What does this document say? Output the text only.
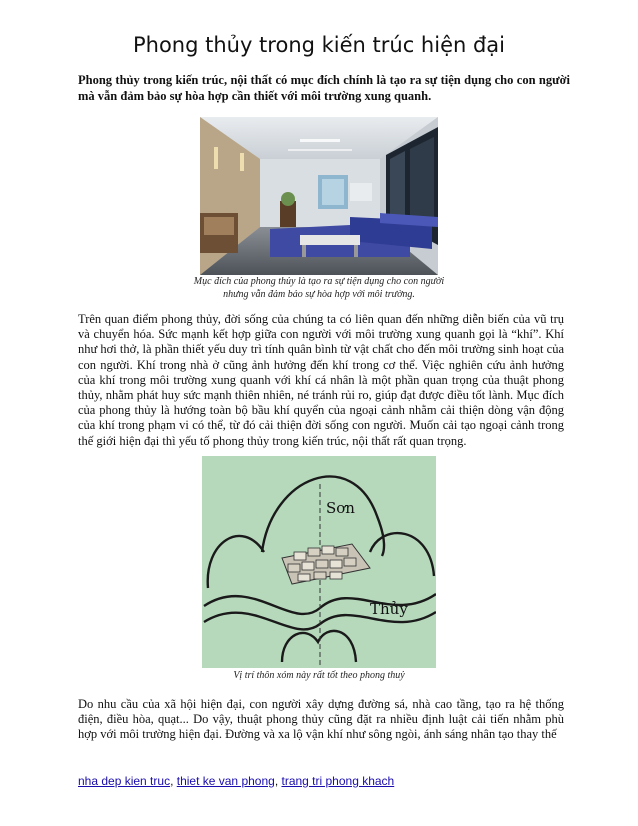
Phong thủy trong kiến trúc hiện đại
Phong thủy trong kiến trúc, nội thất có mục đích chính là tạo ra sự tiện dụng cho con người mà vẫn đảm bảo sự hòa hợp cần thiết với môi trường xung quanh.
Mục đích của phong thủy là tạo ra sự tiện dụng cho con người
nhưng vẫn đảm bảo sự hòa hợp với môi trường.

Trên quan điểm phong thủy, đời sống của chúng ta có liên quan đến những diễn biến của vũ trụ và chuyển hóa. Sức mạnh kết hợp giữa con người với môi trường xung quanh gọi là “khí”. Khí như hơi thở, là phần thiết yếu duy trì tính quân bình từ vật chất cho đến môi trường sinh hoạt của con người. Khí trong nhà ở cũng ảnh hưởng đến khí trong cơ thể. Việc nghiên cứu ảnh hưởng của khí trong môi trường xung quanh với khí cá nhân là một phần quan trọng của thuật phong thủy, nhằm phát huy sức mạnh thiên nhiên, né tránh rủi ro, giúp đạt được điều tốt lành. Mục đích của phong thủy là hướng toàn bộ bầu khí quyển của ngoại cảnh nhằm cải thiện dòng vận động của khí trong phạm vi có thể, từ đó cải thiện đời sống con người. Muốn cải tạo ngoại cảnh trong thế giới hiện đại thì yếu tố phong thủy trong kiến trúc, nội thất rất quan trọng.

Sơn
Thủy
Vị trí thôn xóm này rất tốt theo phong thuỷ

Do nhu cầu của xã hội hiện đại, con người xây dựng đường sá, nhà cao tầng, tạo ra hệ thống điện, điều hòa, quạt... Do vậy, thuật phong thủy cũng đặt ra nhiều định luật cải tiến nhằm phù hợp với môi trường hiện đại. Đường và xa lộ vận khí như sông ngòi, ánh sáng nhân tạo thay thế

nha dep kien truc, thiet ke van phong, trang tri phong khach
